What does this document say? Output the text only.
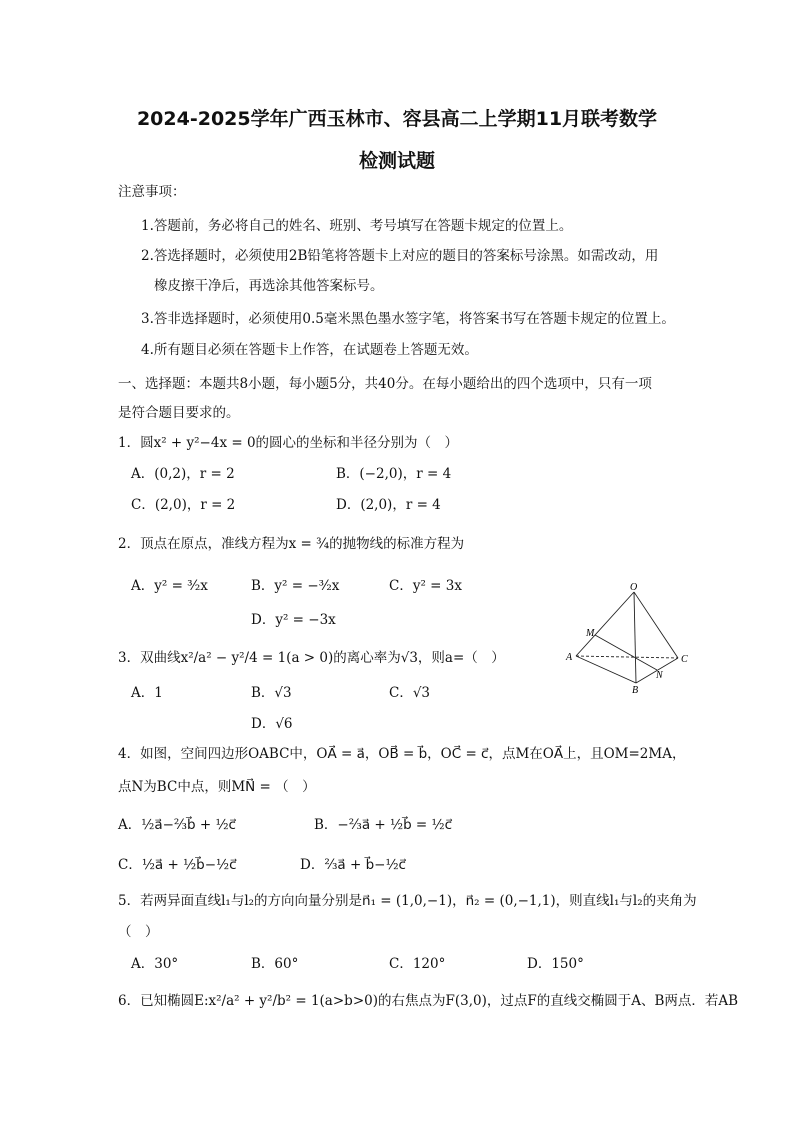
2024-2025学年广西玉林市、容县高二上学期11月联考数学
检测试题
注意事项：
1.答题前，务必将自己的姓名、班别、考号填写在答题卡规定的位置上。
2.答选择题时，必须使用2B铅笔将答题卡上对应的题目的答案标号涂黑。如需改动，用
橡皮擦干净后，再选涂其他答案标号。
3.答非选择题时，必须使用0.5毫米黑色墨水签字笔，将答案书写在答题卡规定的位置上。
4.所有题目必须在答题卡上作答，在试题卷上答题无效。
一、选择题：本题共8小题，每小题5分，共40分。在每小题给出的四个选项中，只有一项
是符合题目要求的。
1．圆x² + y²−4x = 0的圆心的坐标和半径分别为（　）
A．(0,2)，r = 2	B．(−2,0)，r = 4
C．(2,0)，r = 2	D．(2,0)，r = 4
2．顶点在原点，准线方程为x = ¾的抛物线的标准方程为
A．y² = ³⁄₂x	B．y² = −³⁄₂x	C．y² = 3x
D．y² = −3x
3．双曲线x²/a² − y²/4 = 1(a > 0)的离心率为√3，则a=（　）
A．1	B．√3	C．√3
D．√6
O
M
A
B
C
N
4．如图，空间四边形OABC中，OA⃗ = a⃗，OB⃗ = b⃗，OC⃗ = c⃗，点M在OA⃗上，且OM=2MA，
点N为BC中点，则MN⃗ = （　）
A．½a⃗−⅔b⃗ + ½c⃗	B．−⅔a⃗ + ½b⃗ = ½c⃗
C．½a⃗ + ½b⃗−½c⃗	D．⅔a⃗ + b⃗−½c⃗
5．若两异面直线l₁与l₂的方向向量分别是n⃗₁ = (1,0,−1)，n⃗₂ = (0,−1,1)，则直线l₁与l₂的夹角为
（　）
A．30°	B．60°	C．120°	D．150°
6．已知椭圆E:x²/a² + y²/b² = 1(a>b>0)的右焦点为F(3,0)，过点F的直线交椭圆于A、B两点．若AB
